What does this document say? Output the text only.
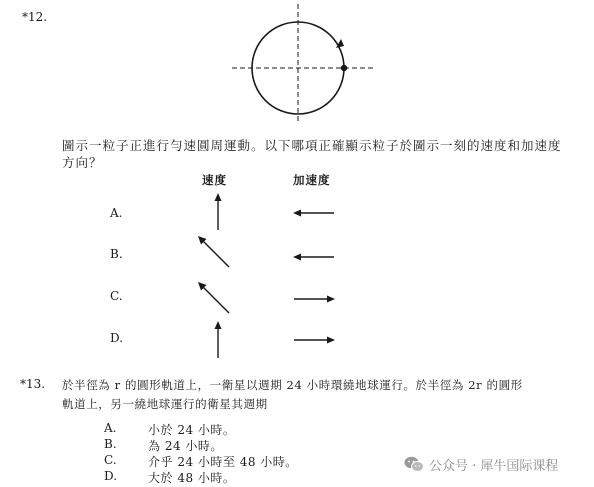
*12.
圖示一粒子正進行勻速圓周運動。以下哪項正確顯示粒子於圖示一刻的速度和加速度
方向？
速度	加速度
A.
B.
C.
D.
*13. 於半徑為 r 的圓形軌道上，一衛星以週期 24 小時環繞地球運行。於半徑為 2r 的圓形
軌道上，另一繞地球運行的衛星其週期
A.	小於 24 小時。
B.	為 24 小時。
C.	介乎 24 小時至 48 小時。
D.	大於 48 小時。
公众号 · 犀牛国际课程
